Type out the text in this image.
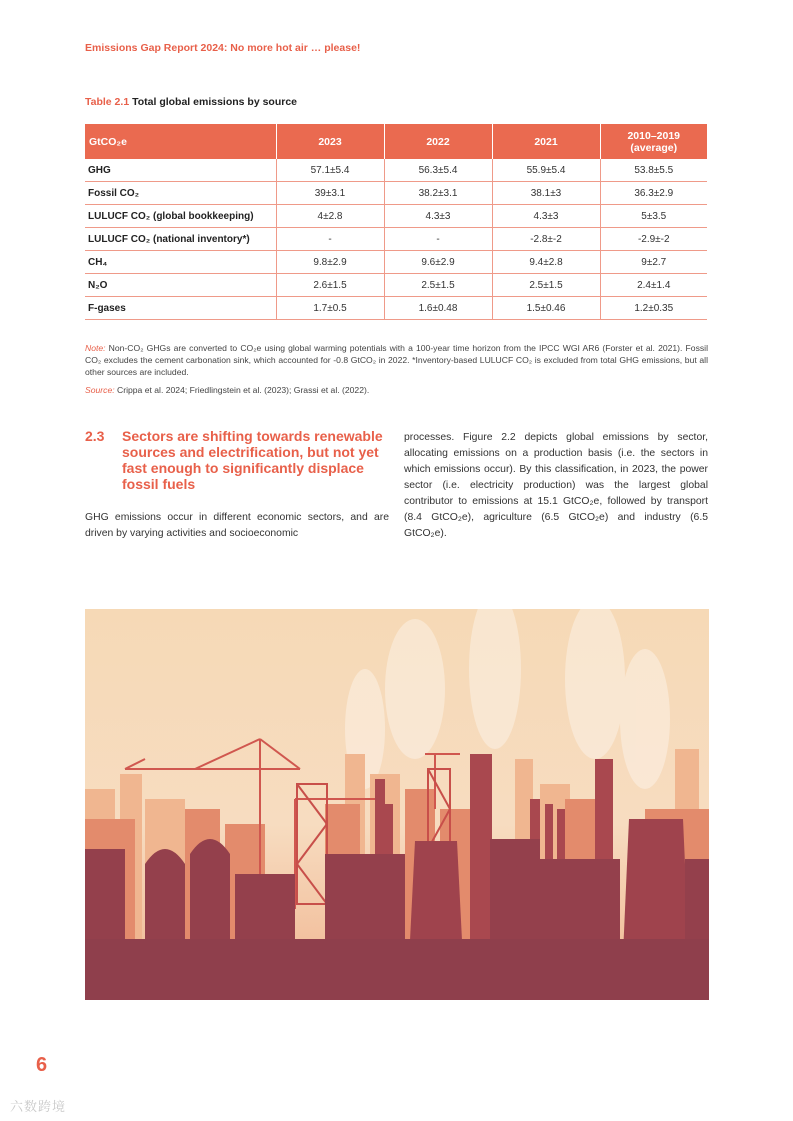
Emissions Gap Report 2024: No more hot air … please!
Table 2.1 Total global emissions by source
GtCO₂e	2023	2022	2021	2010–2019
(average)

GHG	57.1±5.4	56.3±5.4	55.9±5.4	53.8±5.5
Fossil CO₂	39±3.1	38.2±3.1	38.1±3	36.3±2.9
LULUCF CO₂ (global bookkeeping)	4±2.8	4.3±3	4.3±3	5±3.5
LULUCF CO₂ (national inventory*)	-	-	-2.8±-2	-2.9±-2
CH₄	9.8±2.9	9.6±2.9	9.4±2.8	9±2.7
N₂O	2.6±1.5	2.5±1.5	2.5±1.5	2.4±1.4
F-gases	1.7±0.5	1.6±0.48	1.5±0.46	1.2±0.35
Note: Non-CO₂ GHGs are converted to CO₂e using global warming potentials with a 100-year time horizon from the IPCC WGI AR6 (Forster et al. 2021). Fossil CO₂ excludes the cement carbonation sink, which accounted for -0.8 GtCO₂ in 2022. *Inventory-based LULUCF CO₂ is excluded from total GHG emissions, but all other sources are included.
Source: Crippa et al. 2024; Friedlingstein et al. (2023); Grassi et al. (2022).
2.3 Sectors are shifting towards renewable sources and electrification, but not yet fast enough to significantly displace fossil fuels
GHG emissions occur in different economic sectors, and are driven by varying activities and socioeconomic
processes. Figure 2.2 depicts global emissions by sector, allocating emissions on a production basis (i.e. the sectors in which emissions occur). By this classification, in 2023, the power sector (i.e. electricity production) was the largest global contributor to emissions at 15.1 GtCO₂e, followed by transport (8.4 GtCO₂e), agriculture (6.5 GtCO₂e) and industry (6.5 GtCO₂e).
6
六数跨境
